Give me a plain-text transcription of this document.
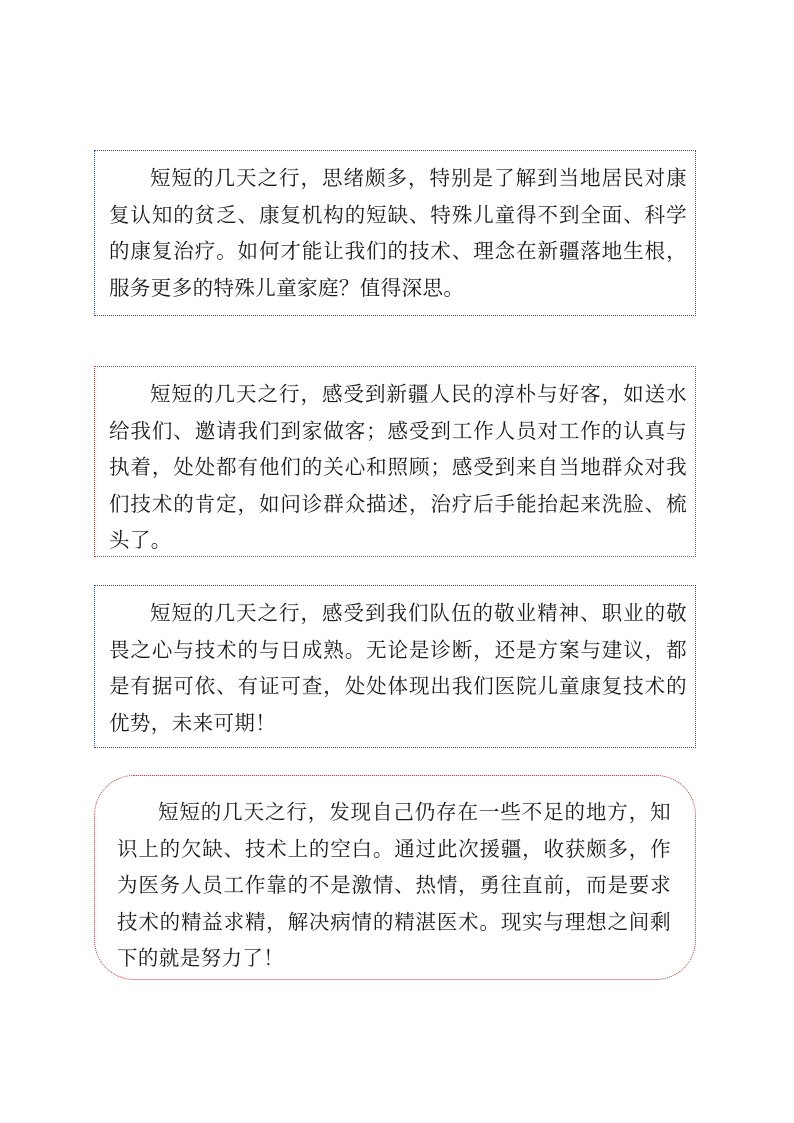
短短的几天之行，思绪颇多，特别是了解到当地居民对康复认知的贫乏、康复机构的短缺、特殊儿童得不到全面、科学的康复治疗。如何才能让我们的技术、理念在新疆落地生根，服务更多的特殊儿童家庭？值得深思。

短短的几天之行，感受到新疆人民的淳朴与好客，如送水给我们、邀请我们到家做客；感受到工作人员对工作的认真与执着，处处都有他们的关心和照顾；感受到来自当地群众对我们技术的肯定，如问诊群众描述，治疗后手能抬起来洗脸、梳头了。

短短的几天之行，感受到我们队伍的敬业精神、职业的敬畏之心与技术的与日成熟。无论是诊断，还是方案与建议，都是有据可依、有证可查，处处体现出我们医院儿童康复技术的优势，未来可期！

短短的几天之行，发现自己仍存在一些不足的地方，知识上的欠缺、技术上的空白。通过此次援疆，收获颇多，作为医务人员工作靠的不是激情、热情，勇往直前，而是要求技术的精益求精，解决病情的精湛医术。现实与理想之间剩下的就是努力了！
